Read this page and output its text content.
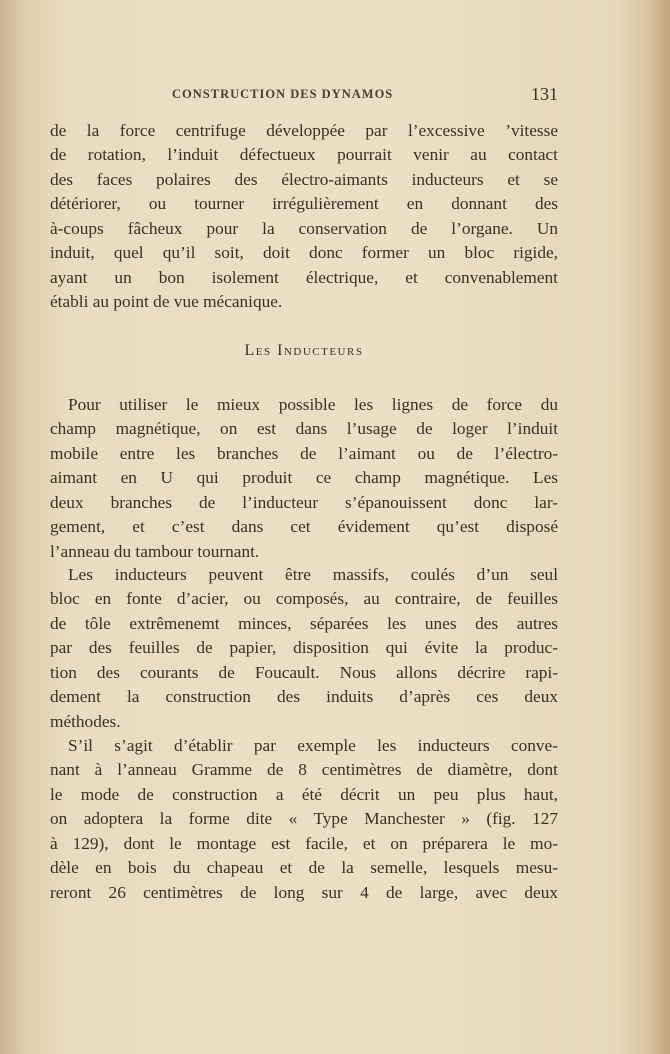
CONSTRUCTION DES DYNAMOS	131
de la force centrifuge développée par l’excessive ’vitesse
de rotation, l’induit défectueux pourrait venir au contact
des faces polaires des électro-aimants inducteurs et se
détériorer, ou tourner irrégulièrement en donnant des
à-coups fâcheux pour la conservation de l’organe. Un
induit, quel qu’il soit, doit donc former un bloc rigide,
ayant un bon isolement électrique, et convenablement
établi au point de vue mécanique.
Pour utiliser le mieux possible les lignes de force du
champ magnétique, on est dans l’usage de loger l’induit
mobile entre les branches de l’aimant ou de l’électro-
aimant en U qui produit ce champ magnétique. Les
deux branches de l’inducteur s’épanouissent donc lar-
gement, et c’est dans cet évidement qu’est disposé
l’anneau du tambour tournant.
Les inducteurs peuvent être massifs, coulés d’un seul
bloc en fonte d’acier, ou composés, au contraire, de feuilles
de tôle extrêmenemt minces, séparées les unes des autres
par des feuilles de papier, disposition qui évite la produc-
tion des courants de Foucault. Nous allons décrire rapi-
dement la construction des induits d’après ces deux
méthodes.
S’il s’agit d’établir par exemple les inducteurs conve-
nant à l’anneau Gramme de 8 centimètres de diamètre, dont
le mode de construction a été décrit un peu plus haut,
on adoptera la forme dite « Type Manchester » (fig. 127
à 129), dont le montage est facile, et on préparera le mo-
dèle en bois du chapeau et de la semelle, lesquels mesu-
reront 26 centimètres de long sur 4 de large, avec deux
Les Inducteurs
